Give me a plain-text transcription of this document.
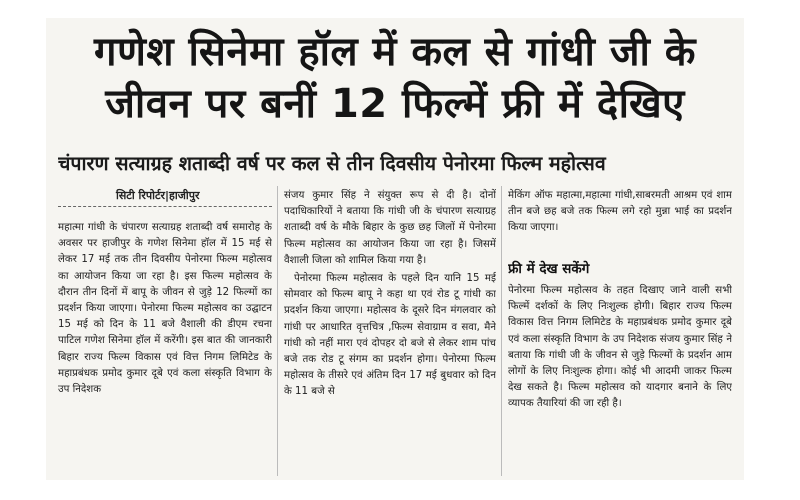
गणेश सिनेमा हॉल में कल से गांधी जी के जीवन पर बनीं 12 फिल्में फ्री में देखिए
चंपारण सत्याग्रह शताब्दी वर्ष पर कल से तीन दिवसीय पेनोरमा फिल्म महोत्सव
सिटी रिपोर्टर|हाजीपुर

महात्मा गांधी के चंपारण सत्याग्रह शताब्दी वर्ष समारोह के अवसर पर हाजीपुर के गणेश सिनेमा हॉल में 15 मई से लेकर 17 मई तक तीन दिवसीय पेनोरमा फिल्म महोत्सव का आयोजन किया जा रहा है। इस फिल्म महोत्सव के दौरान तीन दिनों में बापू के जीवन से जुड़े 12 फिल्मों का प्रदर्शन किया जाएगा। पेनोरमा फिल्म महोत्सव का उद्घाटन 15 मई को दिन के 11 बजे वैशाली की डीएम रचना पाटिल गणेश सिनेमा हॉल में करेंगी। इस बात की जानकारी बिहार राज्य फिल्म विकास एवं वित्त निगम लिमिटेड के महाप्रबंधक प्रमोद कुमार दूबे एवं कला संस्कृति विभाग के उप निदेशक

संजय कुमार सिंह ने संयुक्त रूप से दी है। दोनों पदाधिकारियों ने बताया कि गांधी जी के चंपारण सत्याग्रह शताब्दी वर्ष के मौके बिहार के कुछ छह जिलों में पेनोरमा फिल्म महोत्सव का आयोजन किया जा रहा है। जिसमें वैशाली जिला को शामिल किया गया है।

पेनोरमा फिल्म महोत्सव के पहले दिन यानि 15 मई सोमवार को फिल्म बापू ने कहा था एवं रोड टू गांधी का प्रदर्शन किया जाएगा। महोत्सव के दूसरे दिन मंगलवार को गांधी पर आधारित वृत्तचित्र ,फिल्म सेवाग्राम व सवा, मैने गांधी को नहीं मारा एवं दोपहर दो बजे से लेकर शाम पांच बजे तक रोड टू संगम का प्रदर्शन होगा। पेनोरमा फिल्म महोत्सव के तीसरे एवं अंतिम दिन 17 मई बुधवार को दिन के 11 बजे से

मेकिंग ऑफ महात्मा,महात्मा गांधी,साबरमती आश्रम एवं शाम तीन बजे छह बजे तक फिल्म लगे रहो मुन्ना भाई का प्रदर्शन किया जाएगा।

फ्री में देख सकेंगे

पेनोरमा फिल्म महोत्सव के तहत दिखाए जाने वाली सभी फिल्में दर्शकों के लिए निःशुल्क होगी। बिहार राज्य फिल्म विकास वित्त निगम लिमिटेड के महाप्रबंधक प्रमोद कुमार दूबे एवं कला संस्कृति विभाग के उप निदेशक संजय कुमार सिंह ने बताया कि गांधी जी के जीवन से जुड़े फिल्मों के प्रदर्शन आम लोगों के लिए निःशुल्क होगा। कोई भी आदमी जाकर फिल्म देख सकते है। फिल्म महोत्सव को यादगार बनाने के लिए व्यापक तैयारियां की जा रही है।
